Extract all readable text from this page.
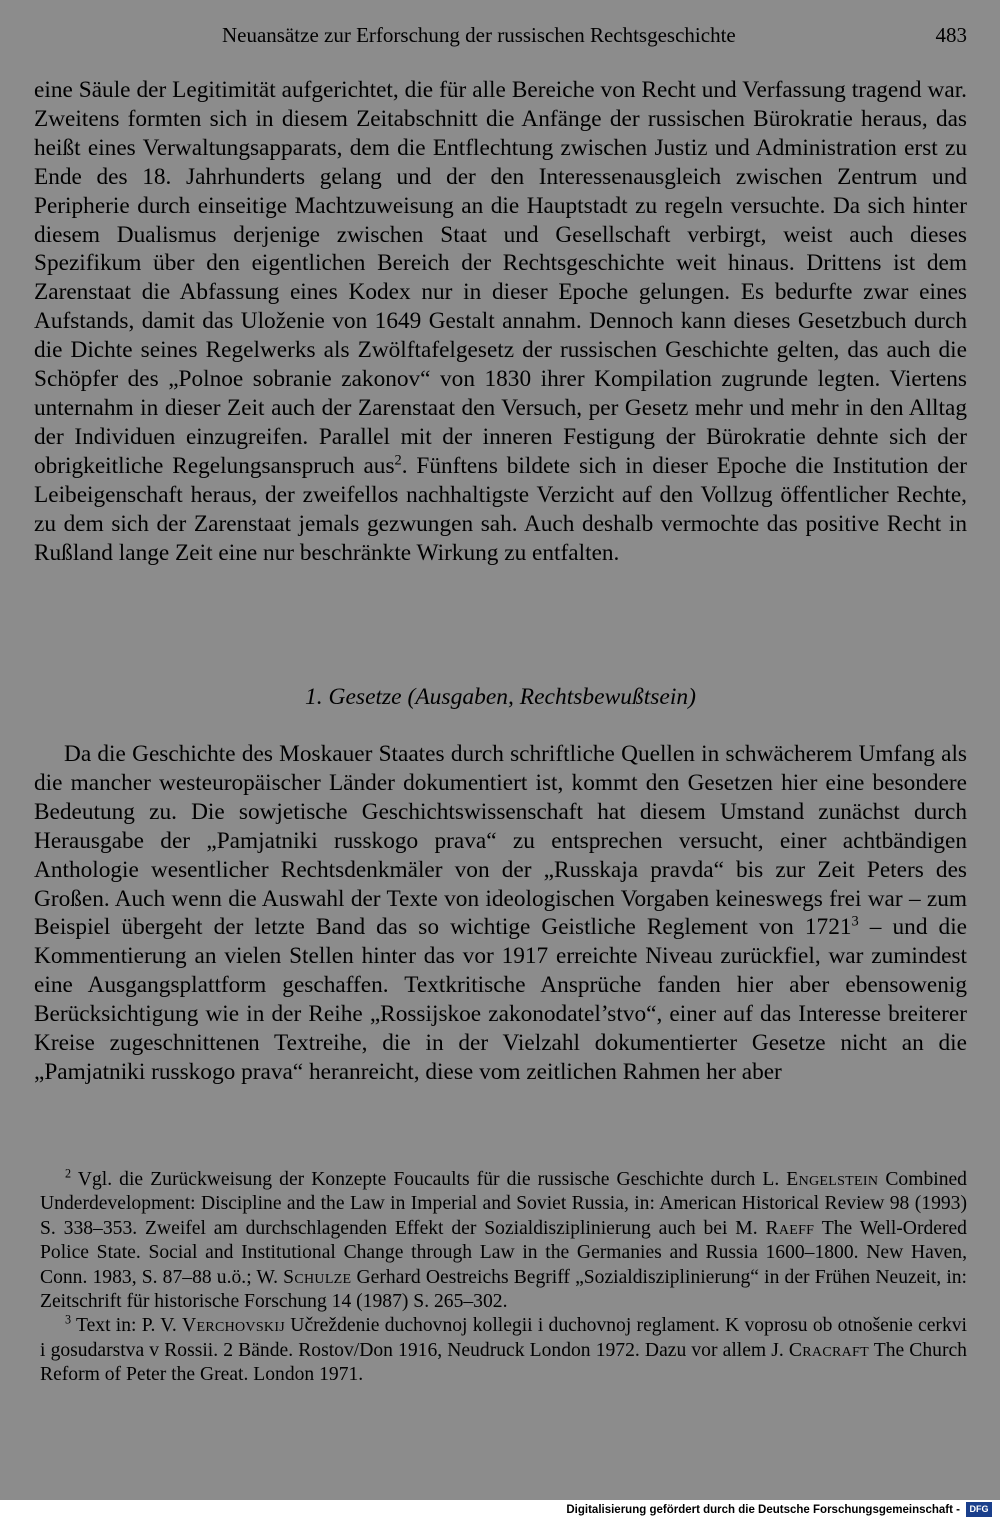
Neuansätze zur Erforschung der russischen Rechtsgeschichte	483

eine Säule der Legitimität aufgerichtet, die für alle Bereiche von Recht und Verfassung tragend war. Zweitens formten sich in diesem Zeitabschnitt die Anfänge der russischen Bürokratie heraus, das heißt eines Verwaltungsapparats, dem die Entflechtung zwischen Justiz und Administration erst zu Ende des 18. Jahrhunderts gelang und der den Interessenausgleich zwischen Zentrum und Peripherie durch einseitige Machtzuweisung an die Hauptstadt zu regeln versuchte. Da sich hinter diesem Dualismus derjenige zwischen Staat und Gesellschaft verbirgt, weist auch dieses Spezifikum über den eigentlichen Bereich der Rechtsgeschichte weit hinaus. Drittens ist dem Zarenstaat die Abfassung eines Kodex nur in dieser Epoche gelungen. Es bedurfte zwar eines Aufstands, damit das Uloženie von 1649 Gestalt annahm. Dennoch kann dieses Gesetzbuch durch die Dichte seines Regelwerks als Zwölftafelgesetz der russischen Geschichte gelten, das auch die Schöpfer des „Polnoe sobranie zakonov“ von 1830 ihrer Kompilation zugrunde legten. Viertens unternahm in dieser Zeit auch der Zarenstaat den Versuch, per Gesetz mehr und mehr in den Alltag der Individuen einzugreifen. Parallel mit der inneren Festigung der Bürokratie dehnte sich der obrigkeitliche Regelungsanspruch aus$^2$. Fünftens bildete sich in dieser Epoche die Institution der Leibeigenschaft heraus, der zweifellos nachhaltigste Verzicht auf den Vollzug öffentlicher Rechte, zu dem sich der Zarenstaat jemals gezwungen sah. Auch deshalb vermochte das positive Recht in Rußland lange Zeit eine nur beschränkte Wirkung zu entfalten.

1. Gesetze (Ausgaben, Rechtsbewußtsein)

Da die Geschichte des Moskauer Staates durch schriftliche Quellen in schwächerem Umfang als die mancher westeuropäischer Länder dokumentiert ist, kommt den Gesetzen hier eine besondere Bedeutung zu. Die sowjetische Geschichtswissenschaft hat diesem Umstand zunächst durch Herausgabe der „Pamjatniki russkogo prava“ zu entsprechen versucht, einer achtbändigen Anthologie wesentlicher Rechtsdenkmäler von der „Russkaja pravda“ bis zur Zeit Peters des Großen. Auch wenn die Auswahl der Texte von ideologischen Vorgaben keineswegs frei war – zum Beispiel übergeht der letzte Band das so wichtige Geistliche Reglement von 1721$^3$ – und die Kommentierung an vielen Stellen hinter das vor 1917 erreichte Niveau zurückfiel, war zumindest eine Ausgangsplattform geschaffen. Textkritische Ansprüche fanden hier aber ebensowenig Berücksichtigung wie in der Reihe „Rossijskoe zakonodatel’stvo“, einer auf das Interesse breiterer Kreise zugeschnittenen Textreihe, die in der Vielzahl dokumentierter Gesetze nicht an die „Pamjatniki russkogo prava“ heranreicht, diese vom zeitlichen Rahmen her aber

$^2$ Vgl. die Zurückweisung der Konzepte Foucaults für die russische Geschichte durch L. Engelstein Combined Underdevelopment: Discipline and the Law in Imperial and Soviet Russia, in: American Historical Review 98 (1993) S. 338–353. Zweifel am durchschlagenden Effekt der Sozialdisziplinierung auch bei M. Raeff The Well-Ordered Police State. Social and Institutional Change through Law in the Germanies and Russia 1600–1800. New Haven, Conn. 1983, S. 87–88 u.ö.; W. Schulze Gerhard Oestreichs Begriff „Sozialdisziplinierung“ in der Frühen Neuzeit, in: Zeitschrift für historische Forschung 14 (1987) S. 265–302.

$^3$ Text in: P. V. Verchovskij Učreždenie duchovnoj kollegii i duchovnoj reglament. K voprosu ob otnošenie cerkvi i gosudarstva v Rossii. 2 Bände. Rostov/Don 1916, Neudruck London 1972. Dazu vor allem J. Cracraft The Church Reform of Peter the Great. London 1971.

Digitalisierung gefördert durch die Deutsche Forschungsgemeinschaft -	DFG
